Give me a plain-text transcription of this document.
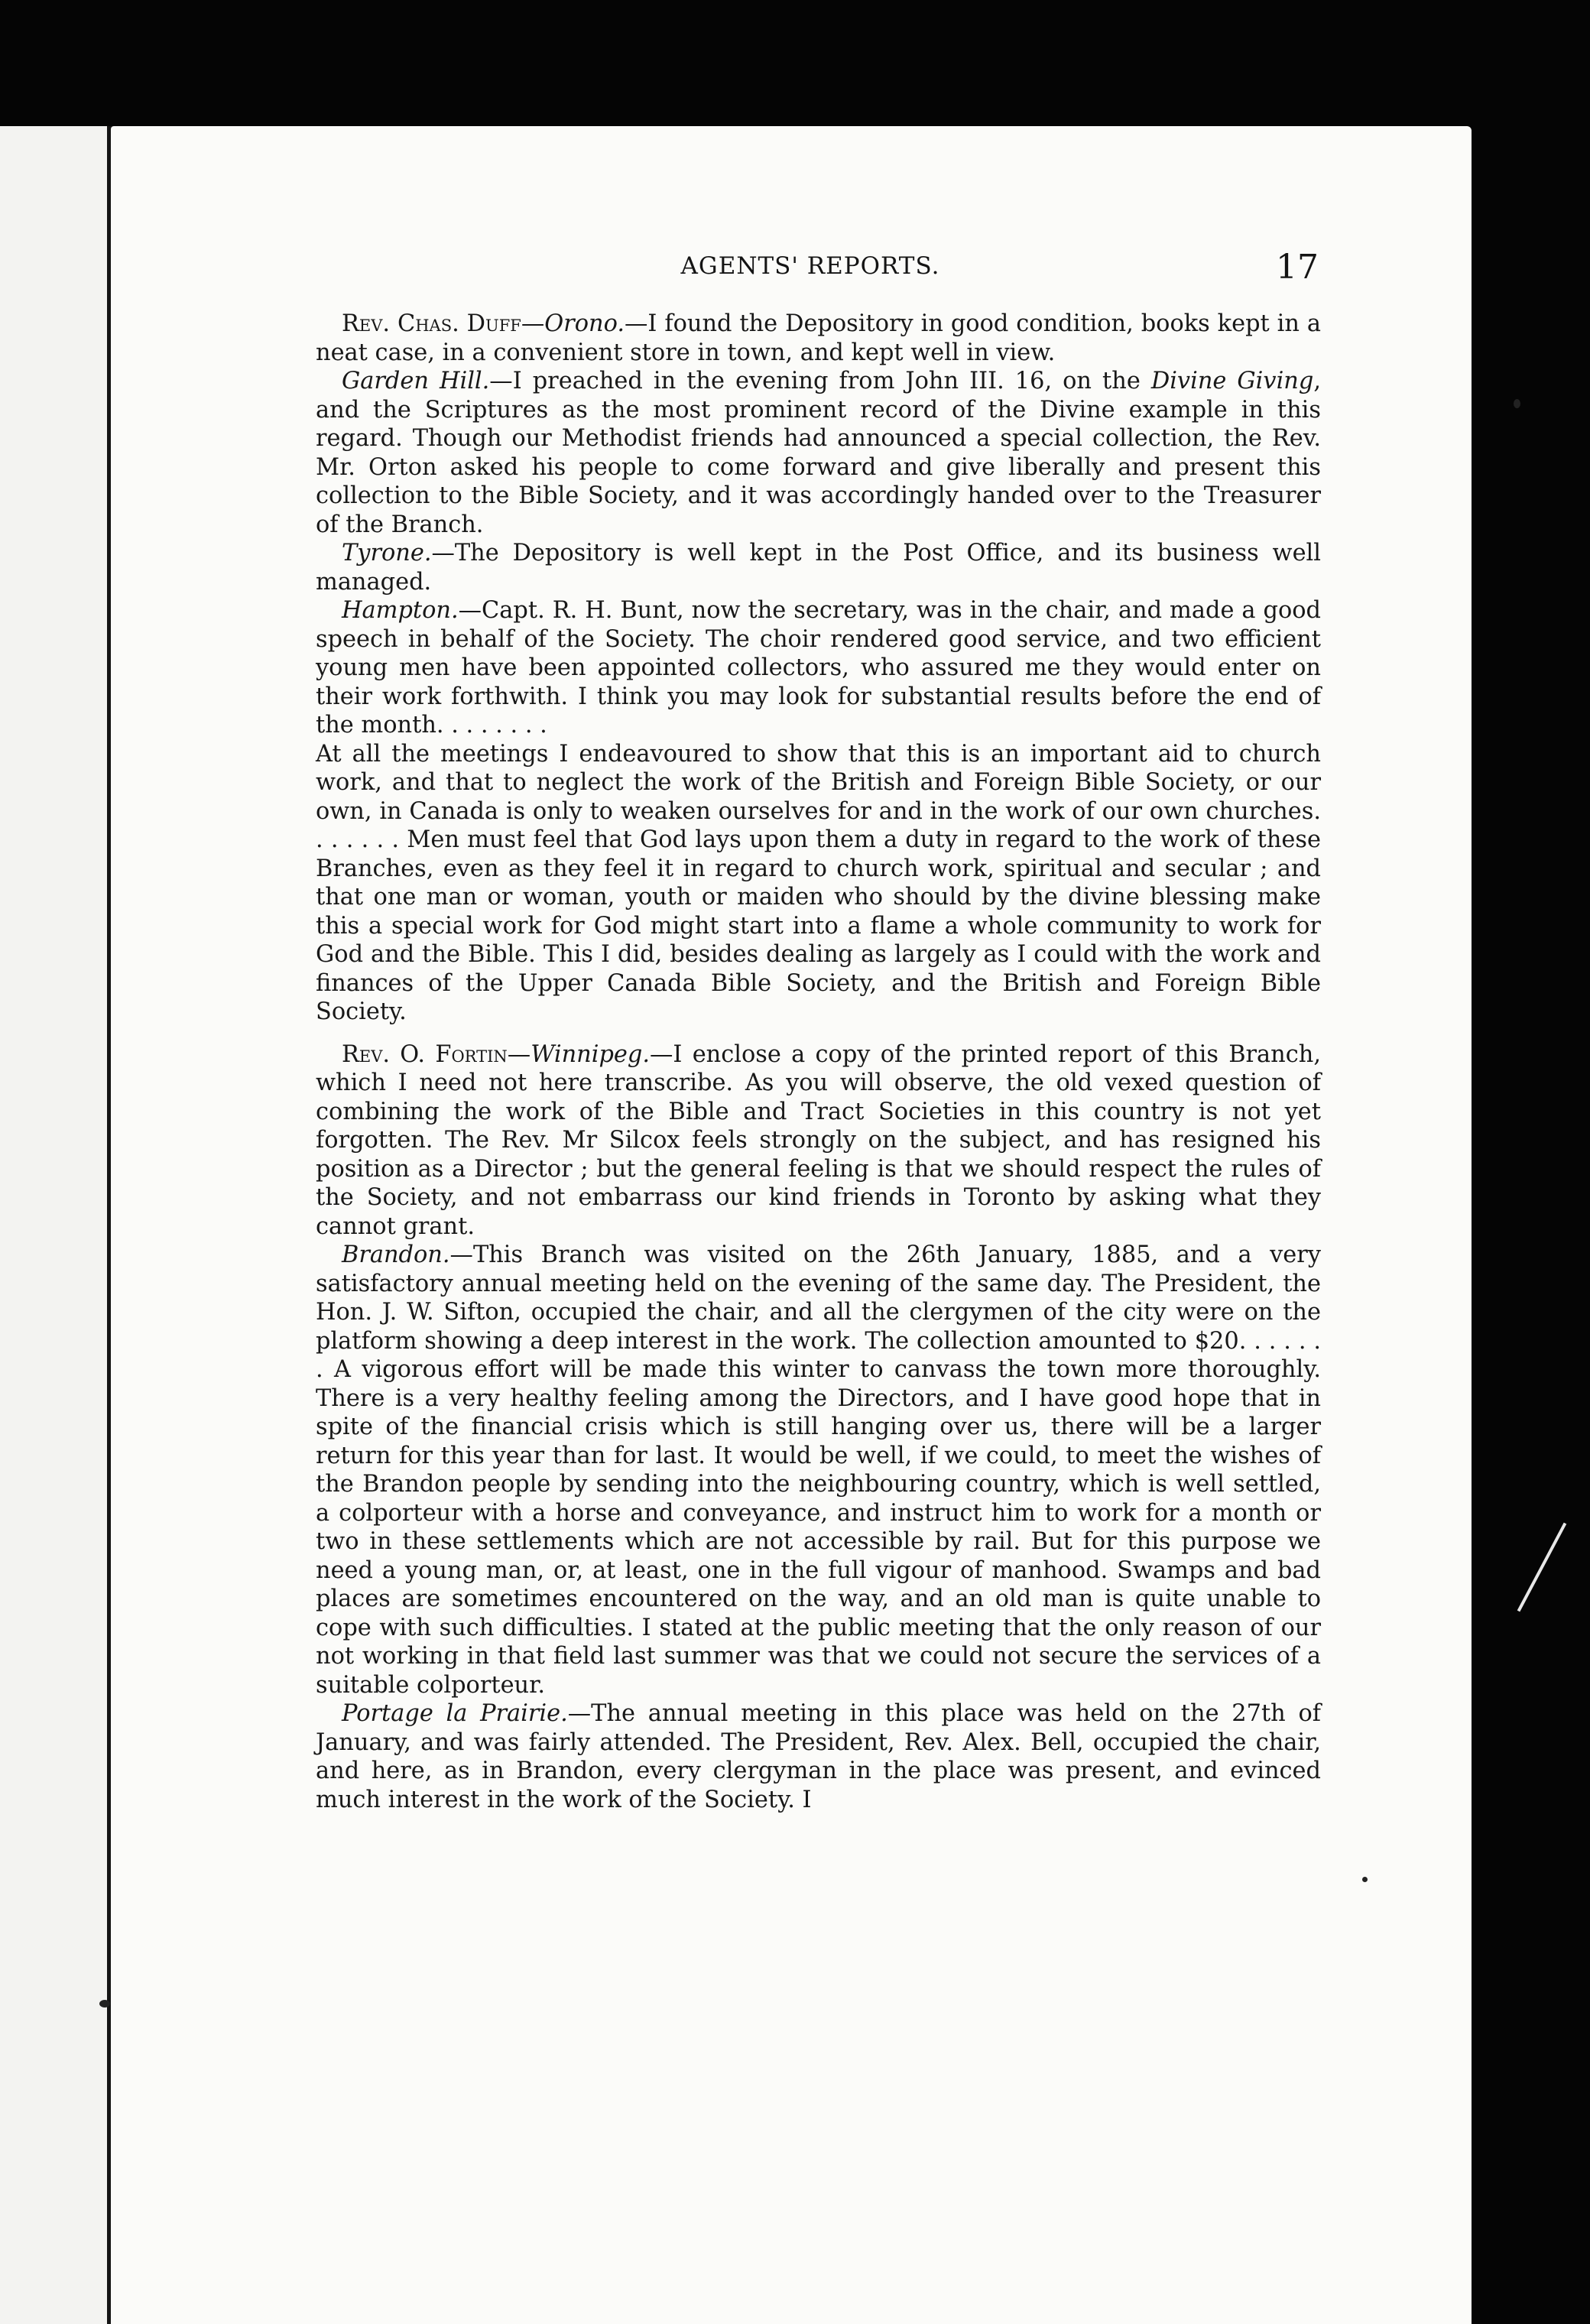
AGENTS' REPORTS.	17

Rev. Chas. Duff—Orono.—I found the Depository in good condition, books kept in a neat case, in a convenient store in town, and kept well in view.

Garden Hill.—I preached in the evening from John III. 16, on the Divine Giving, and the Scriptures as the most prominent record of the Divine example in this regard. Though our Methodist friends had announced a special collection, the Rev. Mr. Orton asked his people to come forward and give liberally and present this collection to the Bible Society, and it was accordingly handed over to the Treasurer of the Branch.

Tyrone.—The Depository is well kept in the Post Office, and its business well managed.

Hampton.—Capt. R. H. Bunt, now the secretary, was in the chair, and made a good speech in behalf of the Society. The choir rendered good service, and two efficient young men have been appointed collectors, who assured me they would enter on their work forthwith. I think you may look for substantial results before the end of the month. . . . . . . .

At all the meetings I endeavoured to show that this is an important aid to church work, and that to neglect the work of the British and Foreign Bible Society, or our own, in Canada is only to weaken ourselves for and in the work of our own churches. . . . . . . Men must feel that God lays upon them a duty in regard to the work of these Branches, even as they feel it in regard to church work, spiritual and secular ; and that one man or woman, youth or maiden who should by the divine blessing make this a special work for God might start into a flame a whole community to work for God and the Bible. This I did, besides dealing as largely as I could with the work and finances of the Upper Canada Bible Society, and the British and Foreign Bible Society.

Rev. O. Fortin—Winnipeg.—I enclose a copy of the printed report of this Branch, which I need not here transcribe. As you will observe, the old vexed question of combining the work of the Bible and Tract Societies in this country is not yet forgotten. The Rev. Mr Silcox feels strongly on the subject, and has resigned his position as a Director ; but the general feeling is that we should respect the rules of the Society, and not embarrass our kind friends in Toronto by asking what they cannot grant.

Brandon.—This Branch was visited on the 26th January, 1885, and a very satisfactory annual meeting held on the evening of the same day. The President, the Hon. J. W. Sifton, occupied the chair, and all the clergymen of the city were on the platform showing a deep interest in the work. The collection amounted to $20. . . . . . . A vigorous effort will be made this winter to canvass the town more thoroughly. There is a very healthy feeling among the Directors, and I have good hope that in spite of the financial crisis which is still hanging over us, there will be a larger return for this year than for last. It would be well, if we could, to meet the wishes of the Brandon people by sending into the neighbouring country, which is well settled, a colporteur with a horse and conveyance, and instruct him to work for a month or two in these settlements which are not accessible by rail. But for this purpose we need a young man, or, at least, one in the full vigour of manhood. Swamps and bad places are sometimes encountered on the way, and an old man is quite unable to cope with such difficulties. I stated at the public meeting that the only reason of our not working in that field last summer was that we could not secure the services of a suitable colporteur.

Portage la Prairie.—The annual meeting in this place was held on the 27th of January, and was fairly attended. The President, Rev. Alex. Bell, occupied the chair, and here, as in Brandon, every clergyman in the place was present, and evinced much interest in the work of the Society. I
